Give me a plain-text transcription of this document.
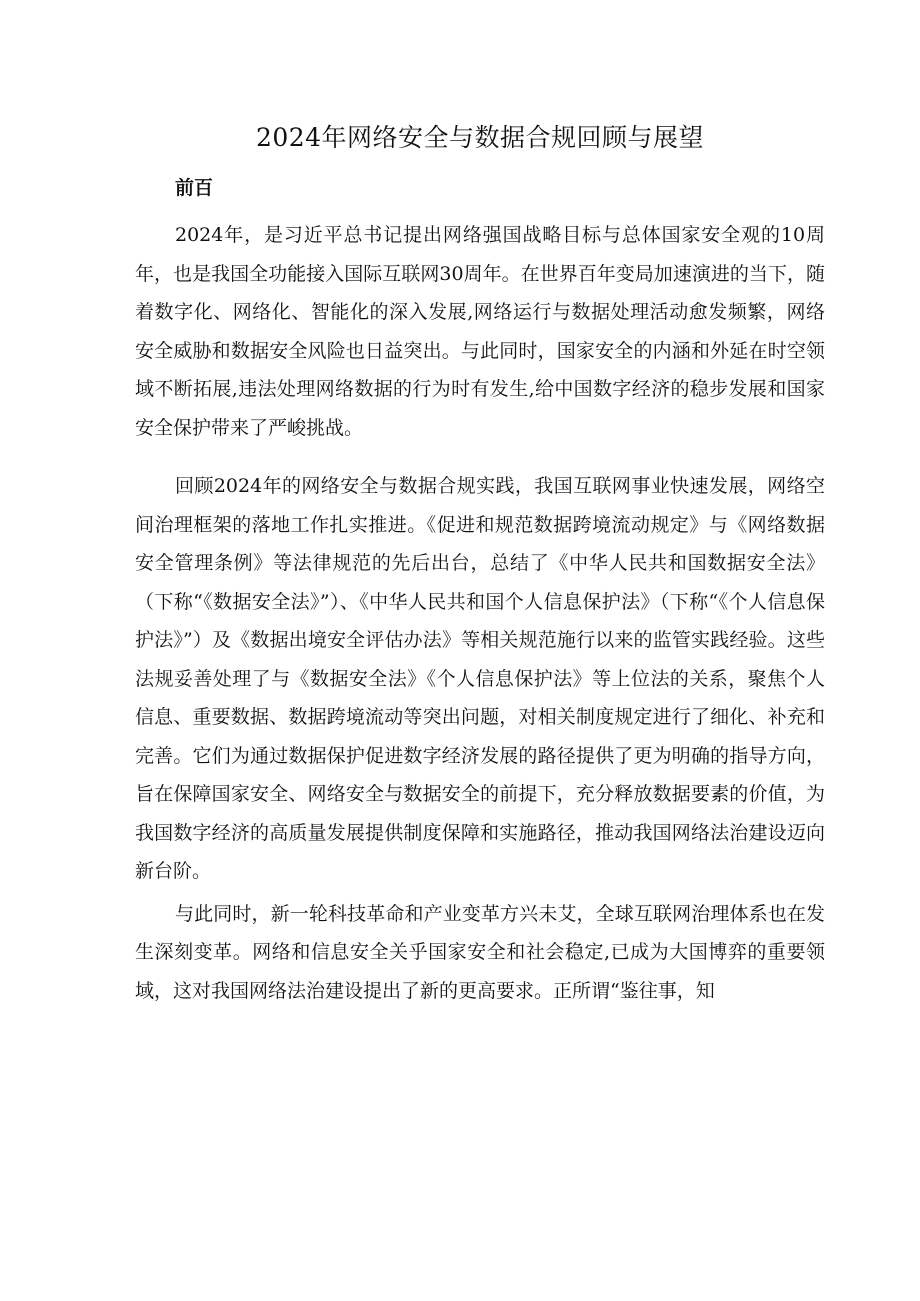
2024年网络安全与数据合规回顾与展望
前百

2024年，是习近平总书记提出网络强国战略目标与总体国家安全观的10周年，也是我国全功能接入国际互联网30周年。在世界百年变局加速演进的当下，随着数字化、网络化、智能化的深入发展,网络运行与数据处理活动愈发频繁，网络安全威胁和数据安全风险也日益突出。与此同时，国家安全的内涵和外延在时空领域不断拓展,违法处理网络数据的行为时有发生,给中国数字经济的稳步发展和国家安全保护带来了严峻挑战。

回顾2024年的网络安全与数据合规实践，我国互联网事业快速发展，网络空间治理框架的落地工作扎实推进。《促进和规范数据跨境流动规定》与《网络数据安全管理条例》等法律规范的先后出台，总结了《中华人民共和国数据安全法》（下称“《数据安全法》”）、《中华人民共和国个人信息保护法》（下称“《个人信息保护法》”）及《数据出境安全评估办法》等相关规范施行以来的监管实践经验。这些法规妥善处理了与《数据安全法》《个人信息保护法》等上位法的关系，聚焦个人信息、重要数据、数据跨境流动等突出问题，对相关制度规定进行了细化、补充和完善。它们为通过数据保护促进数字经济发展的路径提供了更为明确的指导方向，旨在保障国家安全、网络安全与数据安全的前提下，充分释放数据要素的价值，为我国数字经济的高质量发展提供制度保障和实施路径，推动我国网络法治建设迈向新台阶。

与此同时，新一轮科技革命和产业变革方兴未艾，全球互联网治理体系也在发生深刻变革。网络和信息安全关乎国家安全和社会稳定,已成为大国博弈的重要领域，这对我国网络法治建设提出了新的更高要求。正所谓“鉴往事，知
